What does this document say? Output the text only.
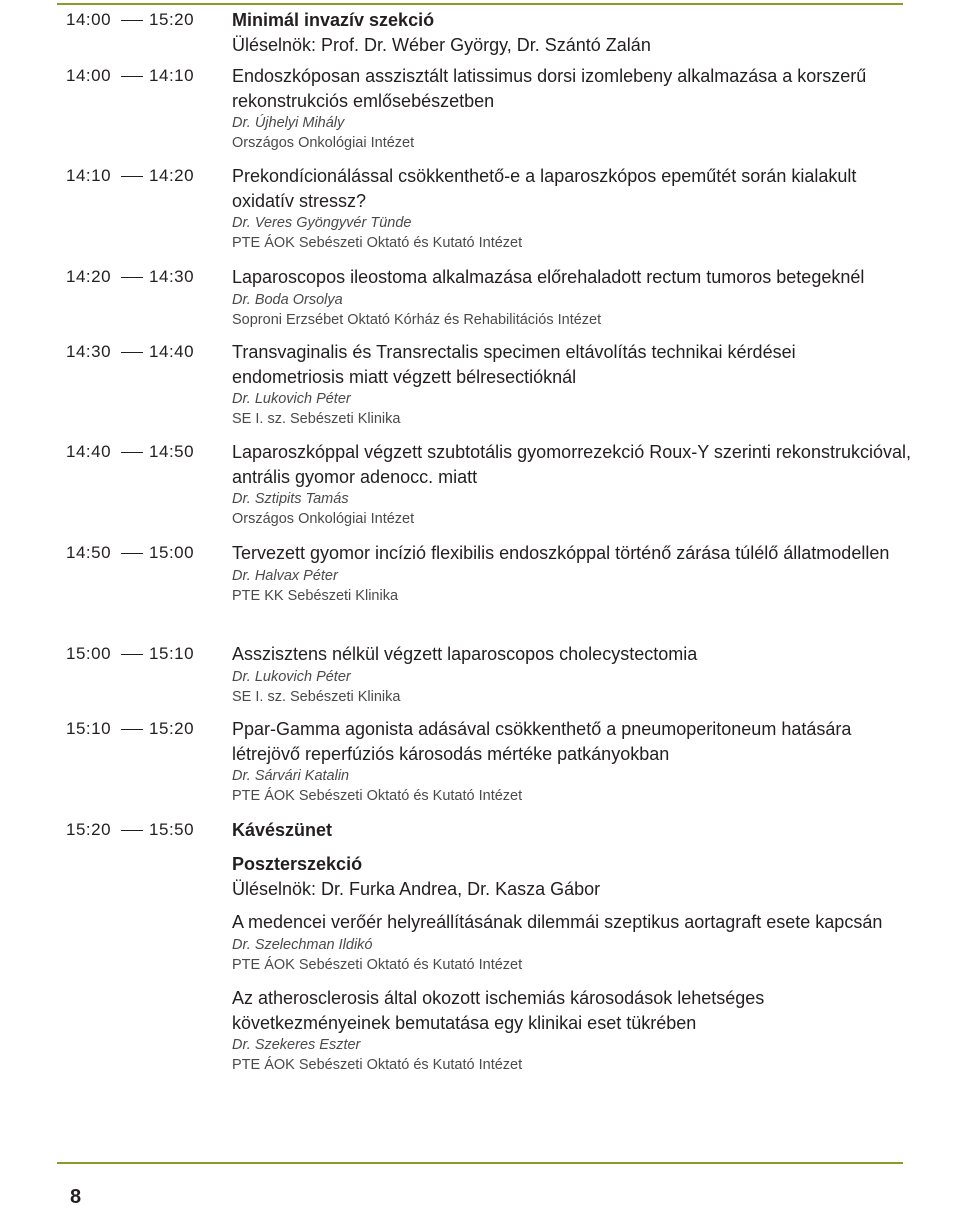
14:00 15:20 Minimál invazív szekció
Üléselnök: Prof. Dr. Wéber György, Dr. Szántó Zalán
14:00 14:10 Endoszkóposan asszisztált latissimus dorsi izomlebeny alkalmazása a korszerű rekonstrukciós emlősebészetben
Dr. Újhelyi Mihály
Országos Onkológiai Intézet
14:10 14:20 Prekondícionálással csökkenthető-e a laparoszkópos epeműtét során kialakult oxidatív stressz?
Dr. Veres Gyöngyvér Tünde
PTE ÁOK Sebészeti Oktató és Kutató Intézet
14:20 14:30 Laparoscopos ileostoma alkalmazása előrehaladott rectum tumoros betegeknél
Dr. Boda Orsolya
Soproni Erzsébet Oktató Kórház és Rehabilitációs Intézet
14:30 14:40 Transvaginalis és Transrectalis specimen eltávolítás technikai kérdései endometriosis miatt végzett bélresectióknál
Dr. Lukovich Péter
SE I. sz. Sebészeti Klinika
14:40 14:50 Laparoszkóppal végzett szubtotális gyomorrezekció Roux-Y szerinti rekonstrukcióval, antrális gyomor adenocc. miatt
Dr. Sztipits Tamás
Országos Onkológiai Intézet
14:50 15:00 Tervezett gyomor incízió flexibilis endoszkóppal történő zárása túlélő állatmodellen
Dr. Halvax Péter
PTE KK Sebészeti Klinika
15:00 15:10 Asszisztens nélkül végzett laparoscopos cholecystectomia
Dr. Lukovich Péter
SE I. sz. Sebészeti Klinika
15:10 15:20 Ppar-Gamma agonista adásával csökkenthető a pneumoperitoneum hatására létrejövő reperfúziós károsodás mértéke patkányokban
Dr. Sárvári Katalin
PTE ÁOK Sebészeti Oktató és Kutató Intézet
15:20 15:50 Kávészünet
Poszterszekció
Üléselnök: Dr. Furka Andrea, Dr. Kasza Gábor
A medencei verőér helyreállításának dilemmái szeptikus aortagraft esete kapcsán
Dr. Szelechman Ildikó
PTE ÁOK Sebészeti Oktató és Kutató Intézet
Az atherosclerosis által okozott ischemiás károsodások lehetséges következményeinek bemutatása egy klinikai eset tükrében
Dr. Szekeres Eszter
PTE ÁOK Sebészeti Oktató és Kutató Intézet
8
